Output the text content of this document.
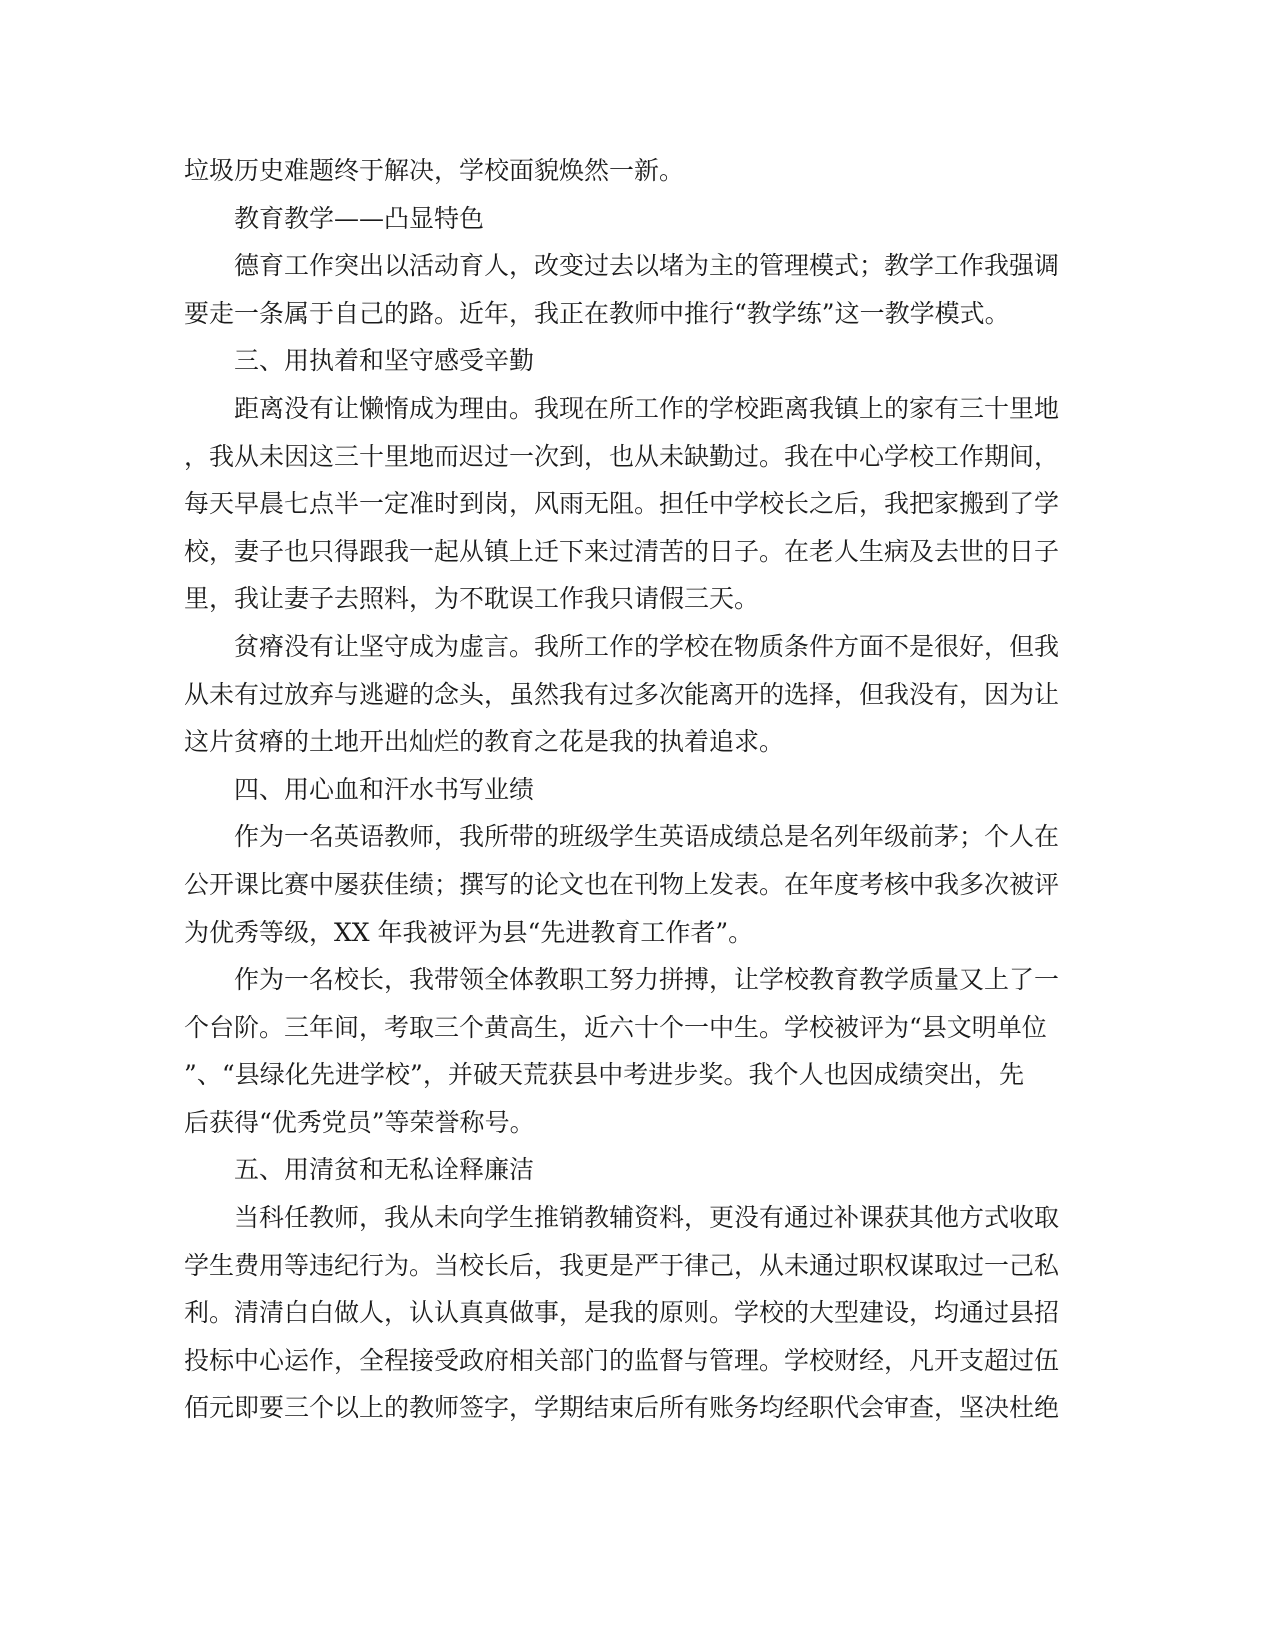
垃圾历史难题终于解决，学校面貌焕然一新。
教育教学——凸显特色
德育工作突出以活动育人，改变过去以堵为主的管理模式；教学工作我强调
要走一条属于自己的路。近年，我正在教师中推行“教学练”这一教学模式。
三、用执着和坚守感受辛勤
距离没有让懒惰成为理由。我现在所工作的学校距离我镇上的家有三十里地
，我从未因这三十里地而迟过一次到，也从未缺勤过。我在中心学校工作期间，
每天早晨七点半一定准时到岗，风雨无阻。担任中学校长之后，我把家搬到了学
校，妻子也只得跟我一起从镇上迁下来过清苦的日子。在老人生病及去世的日子
里，我让妻子去照料，为不耽误工作我只请假三天。
贫瘠没有让坚守成为虚言。我所工作的学校在物质条件方面不是很好，但我
从未有过放弃与逃避的念头，虽然我有过多次能离开的选择，但我没有，因为让
这片贫瘠的土地开出灿烂的教育之花是我的执着追求。
四、用心血和汗水书写业绩
作为一名英语教师，我所带的班级学生英语成绩总是名列年级前茅；个人在
公开课比赛中屡获佳绩；撰写的论文也在刊物上发表。在年度考核中我多次被评
为优秀等级，XX 年我被评为县“先进教育工作者”。
作为一名校长，我带领全体教职工努力拼搏，让学校教育教学质量又上了一
个台阶。三年间，考取三个黄高生，近六十个一中生。学校被评为“县文明单位
”、“县绿化先进学校”，并破天荒获县中考进步奖。我个人也因成绩突出，先
后获得“优秀党员”等荣誉称号。
五、用清贫和无私诠释廉洁
当科任教师，我从未向学生推销教辅资料，更没有通过补课获其他方式收取
学生费用等违纪行为。当校长后，我更是严于律己，从未通过职权谋取过一己私
利。清清白白做人，认认真真做事，是我的原则。学校的大型建设，均通过县招
投标中心运作，全程接受政府相关部门的监督与管理。学校财经，凡开支超过伍
佰元即要三个以上的教师签字，学期结束后所有账务均经职代会审查，坚决杜绝
